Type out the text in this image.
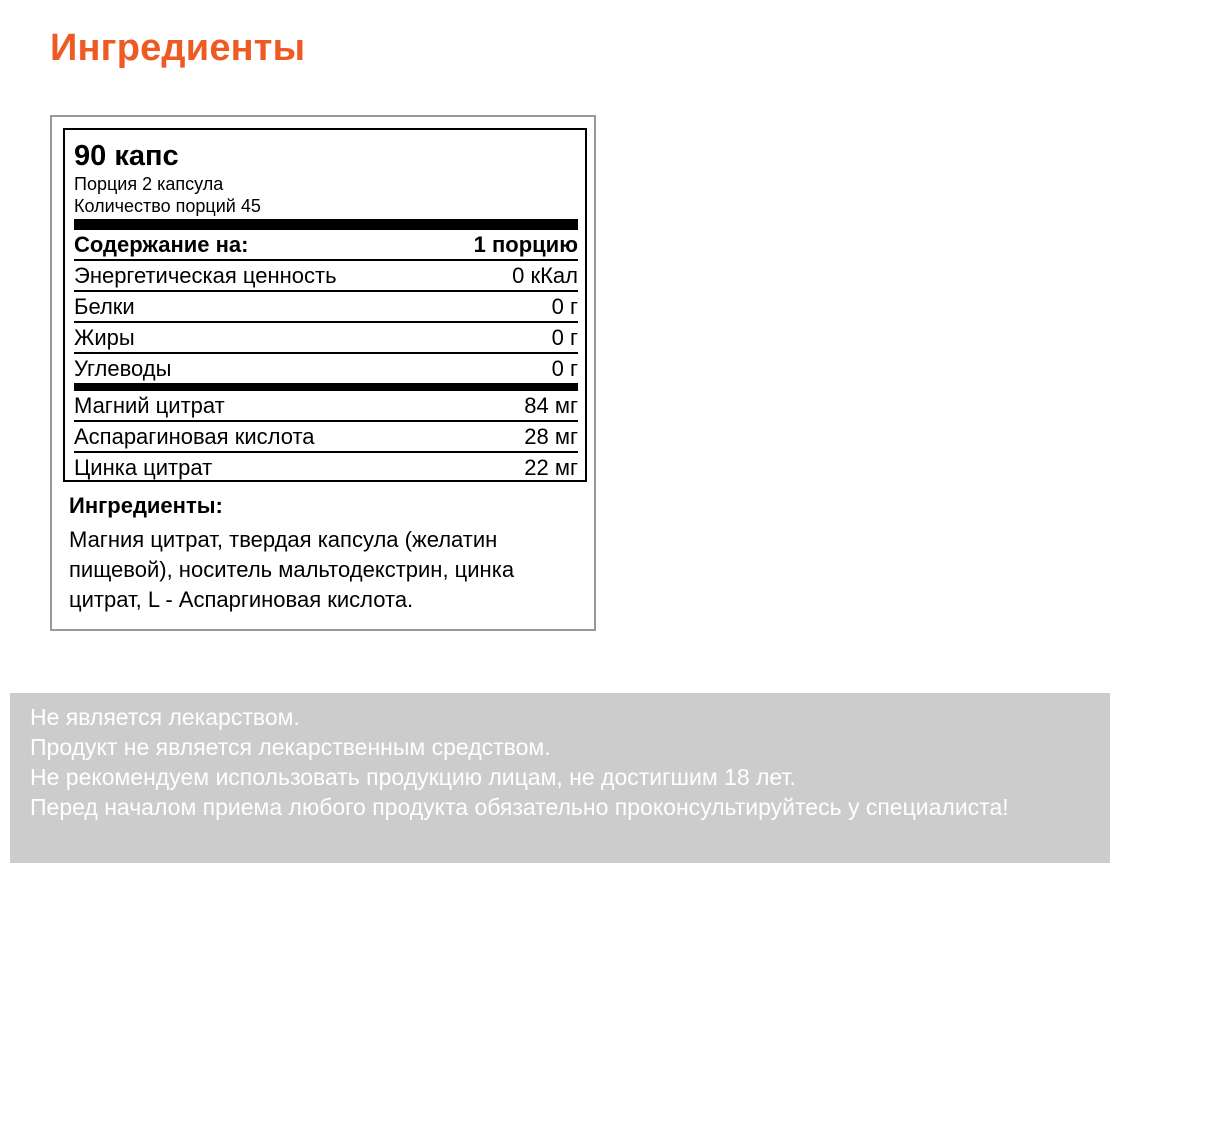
Ингредиенты
90 капс
Порция 2 капсула
Количество порций 45
Содержание на:	1 порцию
Энергетическая ценность	0 кКал
Белки	0 г
Жиры	0 г
Углеводы	0 г
Магний цитрат	84 мг
Аспарагиновая кислота	28 мг
Цинка цитрат	22 мг
Ингредиенты:
Магния цитрат, твердая капсула (желатин пищевой), носитель мальтодекстрин, цинка цитрат, L - Аспаргиновая кислота.
Не является лекарством.
Продукт не является лекарственным средством.
Не рекомендуем использовать продукцию лицам, не достигшим 18 лет.
Перед началом приема любого продукта обязательно проконсультируйтесь у специалиста!
